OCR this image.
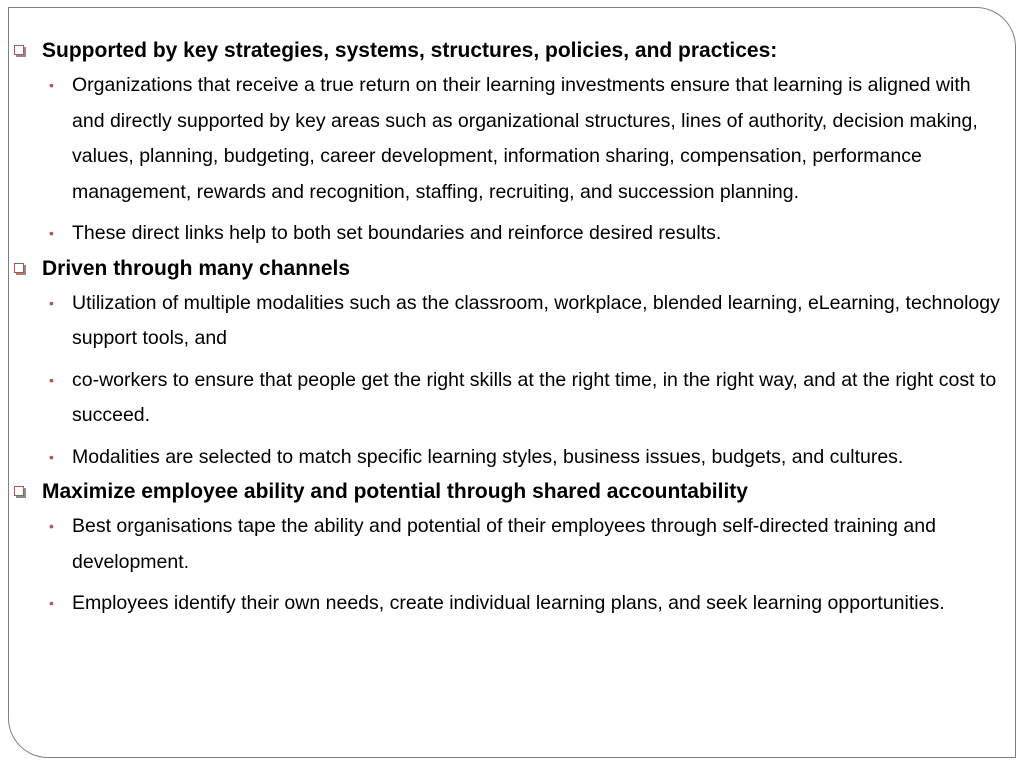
Supported by key strategies, systems, structures, policies, and practices:
• Organizations that receive a true return on their learning investments ensure that learning is aligned with and directly supported by key areas such as organizational structures, lines of authority, decision making, values, planning, budgeting, career development, information sharing, compensation, performance management, rewards and recognition, staffing, recruiting, and succession planning.
• These direct links help to both set boundaries and reinforce desired results.
Driven through many channels
• Utilization of multiple modalities such as the classroom, workplace, blended learning, eLearning, technology support tools, and
• co-workers to ensure that people get the right skills at the right time, in the right way, and at the right cost to succeed.
• Modalities are selected to match specific learning styles, business issues, budgets, and cultures.
Maximize employee ability and potential through shared accountability
• Best organisations tape the ability and potential of their employees through self-directed training and development.
• Employees identify their own needs, create individual learning plans, and seek learning opportunities.
